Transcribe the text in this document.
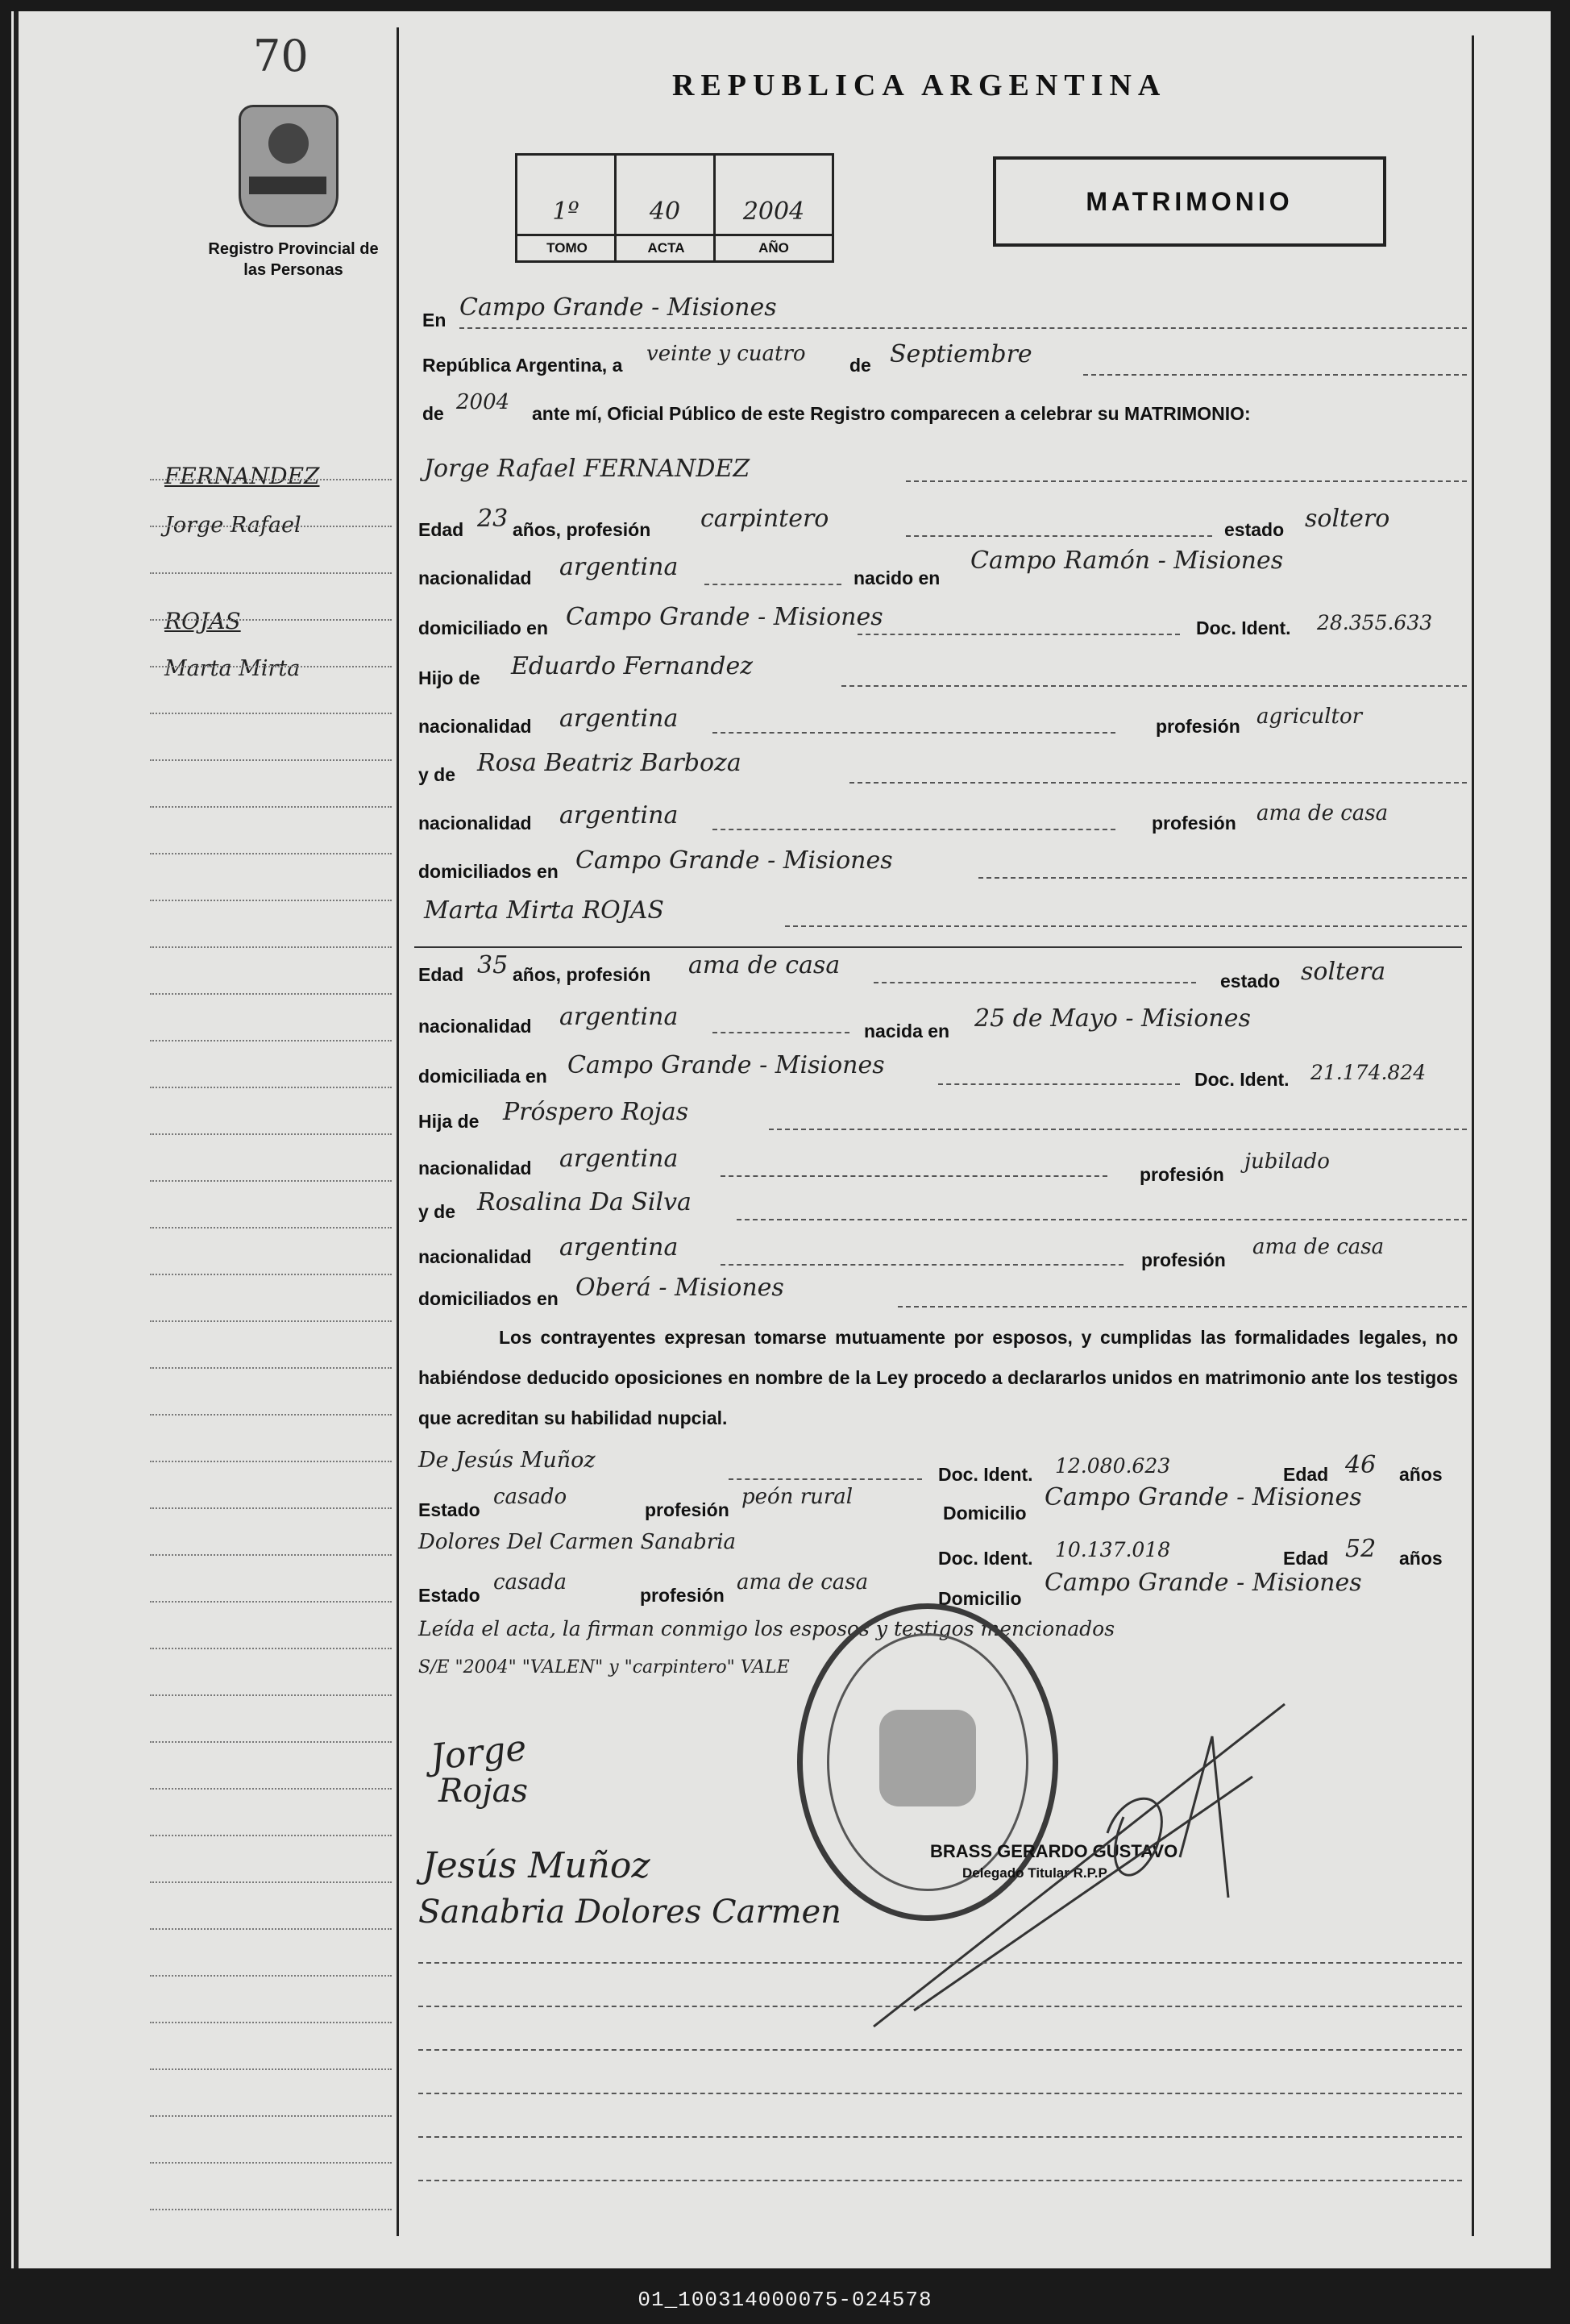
70
Registro Provincial de las Personas
REPUBLICA ARGENTINA
1º	40	2004
TOMO	ACTA	AÑO
MATRIMONIO
FERNANDEZ
Jorge Rafael
ROJAS
Marta Mirta
En Campo Grande - Misiones
República Argentina, a veinte y cuatro de Septiembre
de 2004 ante mí, Oficial Público de este Registro comparecen a celebrar su MATRIMONIO:
Jorge Rafael FERNANDEZ
Edad 23 años, profesión carpintero	estado soltero
nacionalidad argentina	nacido en
Campo Ramón - Misiones
domiciliado en Campo Grande - Misiones	Doc. Ident. 28.355.633
Hijo de Eduardo Fernandez
nacionalidad argentina	profesión agricultor
y de Rosa Beatriz Barboza
nacionalidad argentina	profesión ama de casa
domiciliados en Campo Grande - Misiones
Marta Mirta ROJAS
Edad 35 años, profesión ama de casa
estado soltera
nacionalidad argentina	nacida en 25 de Mayo - Misiones
domiciliada en Campo Grande - Misiones	Doc. Ident. 21.174.824
Hija de Próspero Rojas
nacionalidad argentina
profesión
jubilado
y de Rosalina Da Silva
nacionalidad argentina	profesión
ama de casa
domiciliados en Oberá - Misiones
Los contrayentes expresan tomarse mutuamente por esposos, y cumplidas las formalidades legales, no habiéndose deducido oposiciones en nombre de la Ley procedo a declararlos unidos en matrimonio ante los testigos que acreditan su habilidad nupcial.
De Jesús Muñoz
Doc. Ident. 12.080.623	Edad 46 años
Estado
casado
profesión
peón rural
Domicilio
Campo Grande - Misiones
Dolores Del Carmen Sanabria
Doc. Ident. 10.137.018	Edad 52 años
Estado
casada
profesión
ama de casa
Domicilio
Campo Grande - Misiones
Leída el acta, la firman conmigo los esposos y testigos mencionados
S/E "2004" "VALEN" y "carpintero" VALE
BRASS GERARDO GUSTAVO
Delegado Titular R.P.P.
Jorge
Rojas
Jesús Muñoz
Sanabria Dolores Carmen
01_100314000075-024578
